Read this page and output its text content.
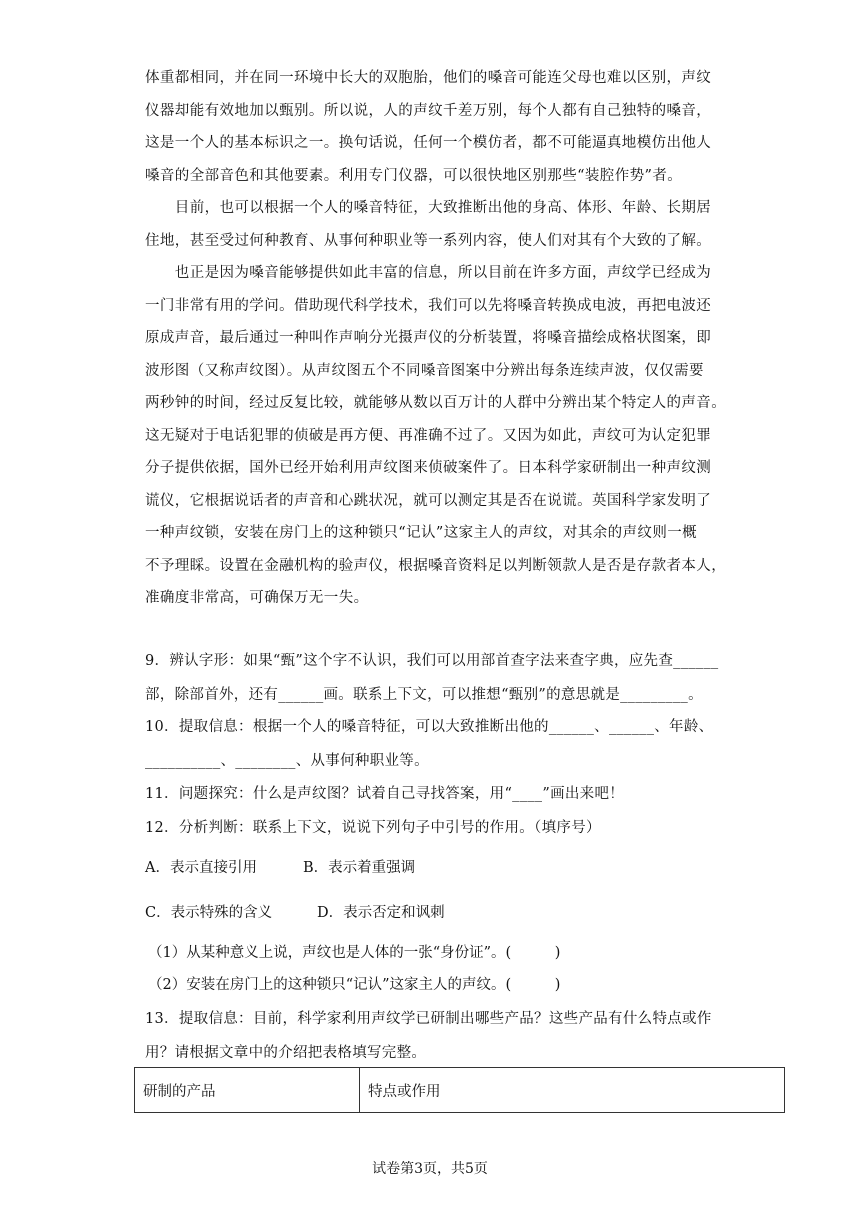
体重都相同，并在同一环境中长大的双胞胎，他们的嗓音可能连父母也难以区别，声纹
仪器却能有效地加以甄别。所以说，人的声纹千差万别，每个人都有自己独特的嗓音，
这是一个人的基本标识之一。换句话说，任何一个模仿者，都不可能逼真地模仿出他人
嗓音的全部音色和其他要素。利用专门仪器，可以很快地区别那些“装腔作势”者。
　　目前，也可以根据一个人的嗓音特征，大致推断出他的身高、体形、年龄、长期居
住地，甚至受过何种教育、从事何种职业等一系列内容，使人们对其有个大致的了解。
　　也正是因为嗓音能够提供如此丰富的信息，所以目前在许多方面，声纹学已经成为
一门非常有用的学问。借助现代科学技术，我们可以先将嗓音转换成电波，再把电波还
原成声音，最后通过一种叫作声响分光摄声仪的分析装置，将嗓音描绘成格状图案，即
波形图（又称声纹图）。从声纹图五个不同嗓音图案中分辨出每条连续声波，仅仅需要
两秒钟的时间，经过反复比较，就能够从数以百万计的人群中分辨出某个特定人的声音。
这无疑对于电话犯罪的侦破是再方便、再准确不过了。又因为如此，声纹可为认定犯罪
分子提供依据，国外已经开始利用声纹图来侦破案件了。日本科学家研制出一种声纹测
谎仪，它根据说话者的声音和心跳状况，就可以测定其是否在说谎。英国科学家发明了
一种声纹锁，安装在房门上的这种锁只“记认”这家主人的声纹，对其余的声纹则一概
不予理睬。设置在金融机构的验声仪，根据嗓音资料足以判断领款人是否是存款者本人，
准确度非常高，可确保万无一失。
9．辨认字形：如果“甄”这个字不认识，我们可以用部首查字法来查字典，应先查______
部，除部首外，还有______画。联系上下文，可以推想“甄别”的意思就是_________。
10．提取信息：根据一个人的嗓音特征，可以大致推断出他的______、______、年龄、
__________、________、从事何种职业等。
11．问题探究：什么是声纹图？试着自己寻找答案，用“____”画出来吧！
12．分析判断：联系上下文，说说下列句子中引号的作用。（填序号）
A．表示直接引用	B．表示着重强调
C．表示特殊的含义	D．表示否定和讽刺
（1）从某种意义上说，声纹也是人体的一张“身份证”。(　　　)
（2）安装在房门上的这种锁只“记认”这家主人的声纹。(　　　)
13．提取信息：目前，科学家利用声纹学已研制出哪些产品？这些产品有什么特点或作
用？请根据文章中的介绍把表格填写完整。
研制的产品	特点或作用
试卷第3页，共5页
